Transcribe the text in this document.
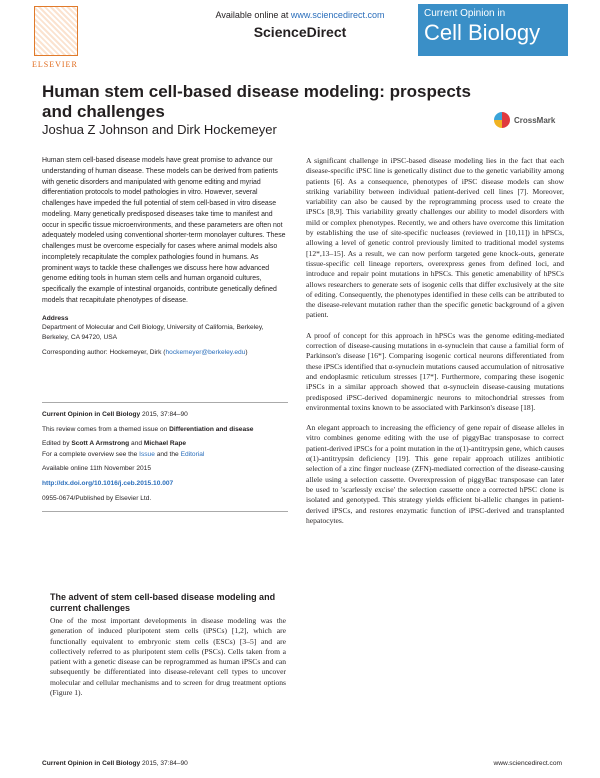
ELSEVIER
Available online at www.sciencedirect.com
ScienceDirect
Current Opinion in
Cell Biology
Human stem cell-based disease modeling: prospects and challenges
Joshua Z Johnson and Dirk Hockemeyer
CrossMark
Human stem cell-based disease models have great promise to advance our understanding of human disease. These models can be derived from patients with genetic disorders and manipulated with genome editing and myriad differentiation protocols to model pathologies in vitro. However, several challenges have impeded the full potential of stem cell-based in vitro disease modeling. Many genetically predisposed diseases take time to manifest and occur in specific tissue microenvironments, and these parameters are often not adequately modeled using conventional shorter-term monolayer cultures. These challenges must be overcome especially for cases where animal models also incompletely recapitulate the complex pathologies found in humans. As prominent ways to tackle these challenges we discuss here how advanced genome editing tools in human stem cells and human organoid cultures, specifically the example of intestinal organoids, contribute genetically defined models that recapitulate phenotypes of disease.
Address
Department of Molecular and Cell Biology, University of California, Berkeley, Berkeley, CA 94720, USA
Corresponding author: Hockemeyer, Dirk (hockemeyer@berkeley.edu)
Current Opinion in Cell Biology 2015, 37:84–90
This review comes from a themed issue on Differentiation and disease
Edited by Scott A Armstrong and Michael Rape
For a complete overview see the Issue and the Editorial
Available online 11th November 2015
http://dx.doi.org/10.1016/j.ceb.2015.10.007
0955-0674/Published by Elsevier Ltd.
The advent of stem cell-based disease modeling and current challenges
One of the most important developments in disease modeling was the generation of induced pluripotent stem cells (iPSCs) [1,2], which are functionally equivalent to embryonic stem cells (ESCs) [3–5] and are collectively referred to as pluripotent stem cells (PSCs). Cells taken from a patient with a genetic disease can be reprogrammed as human iPSCs and can subsequently be differentiated into disease-relevant cell types to uncover molecular and cellular mechanisms and to screen for drug treatment options (Figure 1).

A significant challenge in iPSC-based disease modeling lies in the fact that each disease-specific iPSC line is genetically distinct due to the genetic variability among patients [6]. As a consequence, phenotypes of iPSC disease models can show striking variability between individual patient-derived cell lines [7]. Moreover, variability can also be caused by the reprogramming process used to create the iPSCs [8,9]. This variability greatly challenges our ability to model disorders with mild or complex phenotypes. Recently, we and others have overcome this limitation by establishing the use of site-specific nucleases (reviewed in [10,11]) in hPSCs, allowing a level of genetic control previously limited to traditional model systems [12*,13–15]. As a result, we can now perform targeted gene knock-outs, generate tissue-specific cell lineage reporters, overexpress genes from defined loci, and introduce and repair point mutations in hPSCs. This genetic amenability of hPSCs allows researchers to generate sets of isogenic cells that differ exclusively at the site of editing. Consequently, the phenotypes identified in these cells can be attributed to the disease-relevant mutation rather than the specific genetic background of a given patient.

A proof of concept for this approach in hPSCs was the genome editing-mediated correction of disease-causing mutations in α-synuclein that cause a familial form of Parkinson's disease [16*]. Comparing isogenic cortical neurons differentiated from these iPSCs identified that α-synuclein mutations caused accumulation of nitrosative and endoplasmic reticulum stresses [17*]. Furthermore, comparing these isogenic iPSCs in a similar approach showed that α-synuclein disease-causing mutations predisposed iPSC-derived dopaminergic neurons to mitochondrial stresses from environmental toxins known to be associated with Parkinson's disease [18].

An elegant approach to increasing the efficiency of gene repair of disease alleles in vitro combines genome editing with the use of piggyBac transposase to correct patient-derived iPSCs for a point mutation in the α(1)-antitrypsin gene, which causes α(1)-antitrypsin deficiency [19]. This gene repair approach utilizes antibiotic selection of a zinc finger nuclease (ZFN)-mediated correction of the disease-causing allele using a selection cassette. Overexpression of piggyBac transposase can later be used to 'scarlessly excise' the selection cassette once a corrected hPSC clone is isolated and genotyped. This strategy yields efficient bi-allelic changes in patient-derived iPSCs, and restores enzymatic function of iPSC-derived and transplanted hepatocytes.

Current Opinion in Cell Biology 2015, 37:84–90	www.sciencedirect.com
